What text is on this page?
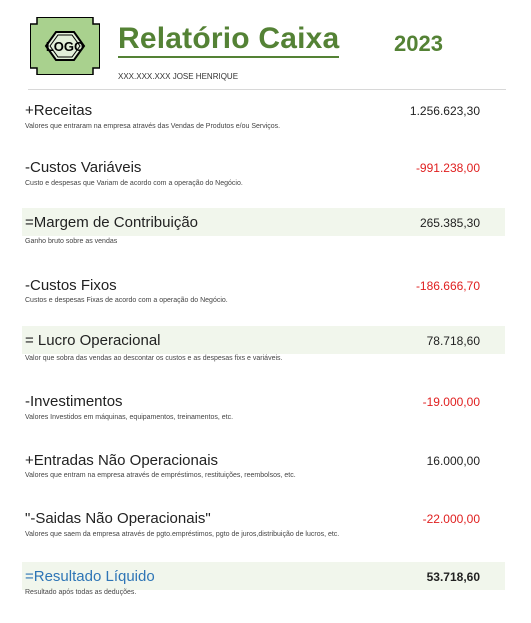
LOGO Relatório Caixa 2023
XXX.XXX.XXX JOSE HENRIQUE
+Receitas	1.256.623,30
Valores que entraram na empresa através das Vendas de Produtos e/ou Serviços.
-Custos Variáveis	-991.238,00
Custo e despesas que Variam de acordo com a operação do Negócio.
=Margem de Contribuição	265.385,30
Ganho bruto sobre as vendas
-Custos Fixos	-186.666,70
Custos e despesas Fixas de acordo com a operação do Negócio.
= Lucro Operacional	78.718,60
Valor que sobra das vendas ao descontar os custos e as despesas fixs e variáveis.
-Investimentos	-19.000,00
Valores Investidos em máquinas, equipamentos, treinamentos, etc.
+Entradas Não Operacionais	16.000,00
Valores que entram na empresa através de empréstimos, restituições, reembolsos, etc.
"-Saidas Não Operacionais"	-22.000,00
Valores que saem da empresa através de pgto.empréstimos, pgto de juros,distribuição de lucros, etc.
=Resultado Líquido	53.718,60
Resultado após todas as deduções.
